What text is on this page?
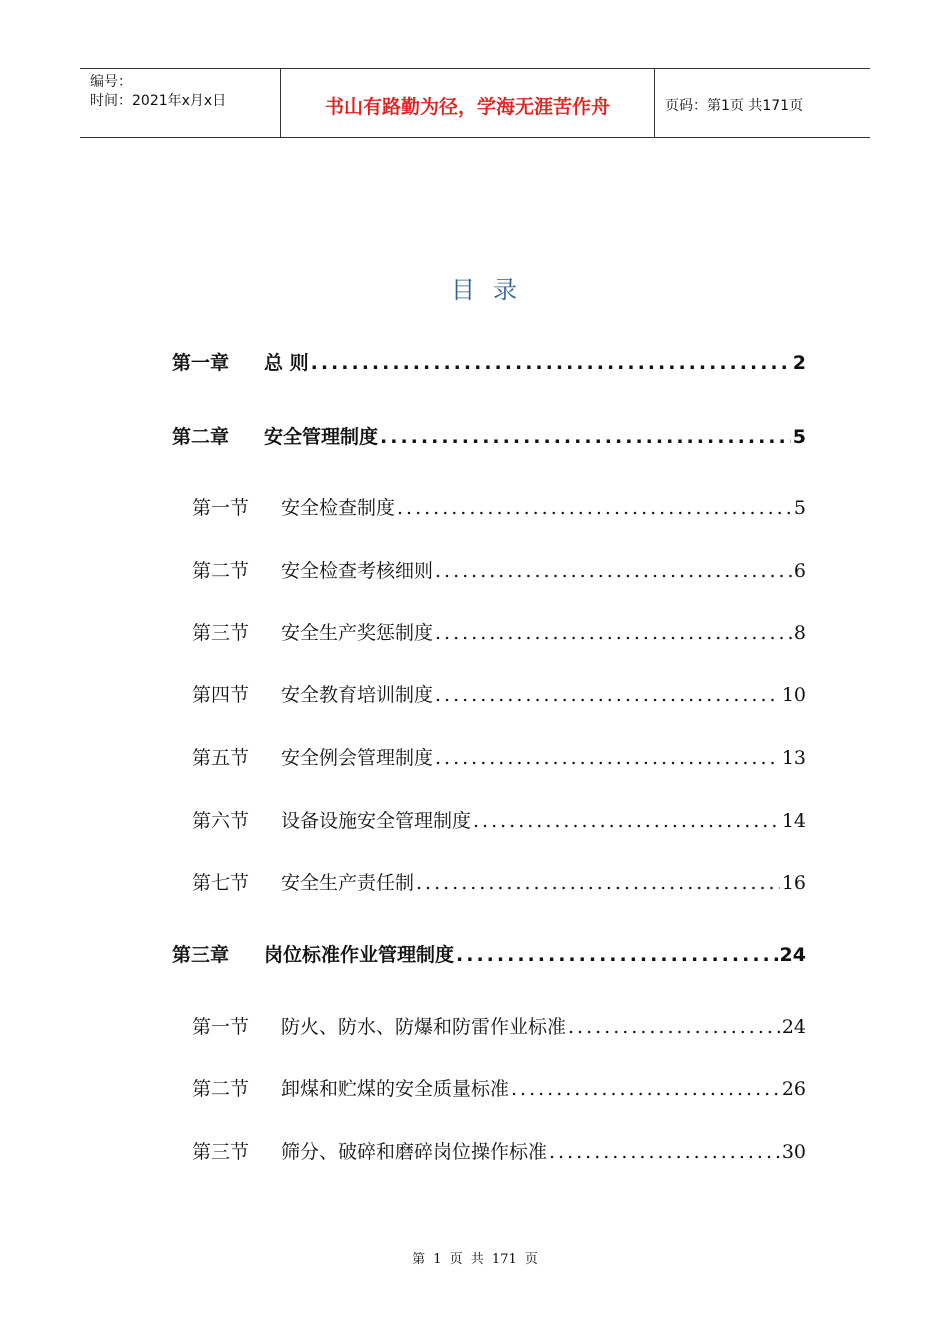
编号：
时间：2021年x月x日	书山有路勤为径，学海无涯苦作舟	页码：第1页 共171页
目录
第一章	总 则 .....	2
第二章	安全管理制度 .....	5
第一节	安全检查制度 .....	5
第二节	安全检查考核细则 .....	6
第三节	安全生产奖惩制度 .....	8
第四节	安全教育培训制度 .....	10
第五节	安全例会管理制度 .....	13
第六节	设备设施安全管理制度 .....	14
第七节	安全生产责任制 .....	16
第三章	岗位标准作业管理制度 .....	24
第一节	防火、防水、防爆和防雷作业标准 .....	24
第二节	卸煤和贮煤的安全质量标准 .....	26
第三节	筛分、破碎和磨碎岗位操作标准 .....	30
第 1 页 共 171 页
